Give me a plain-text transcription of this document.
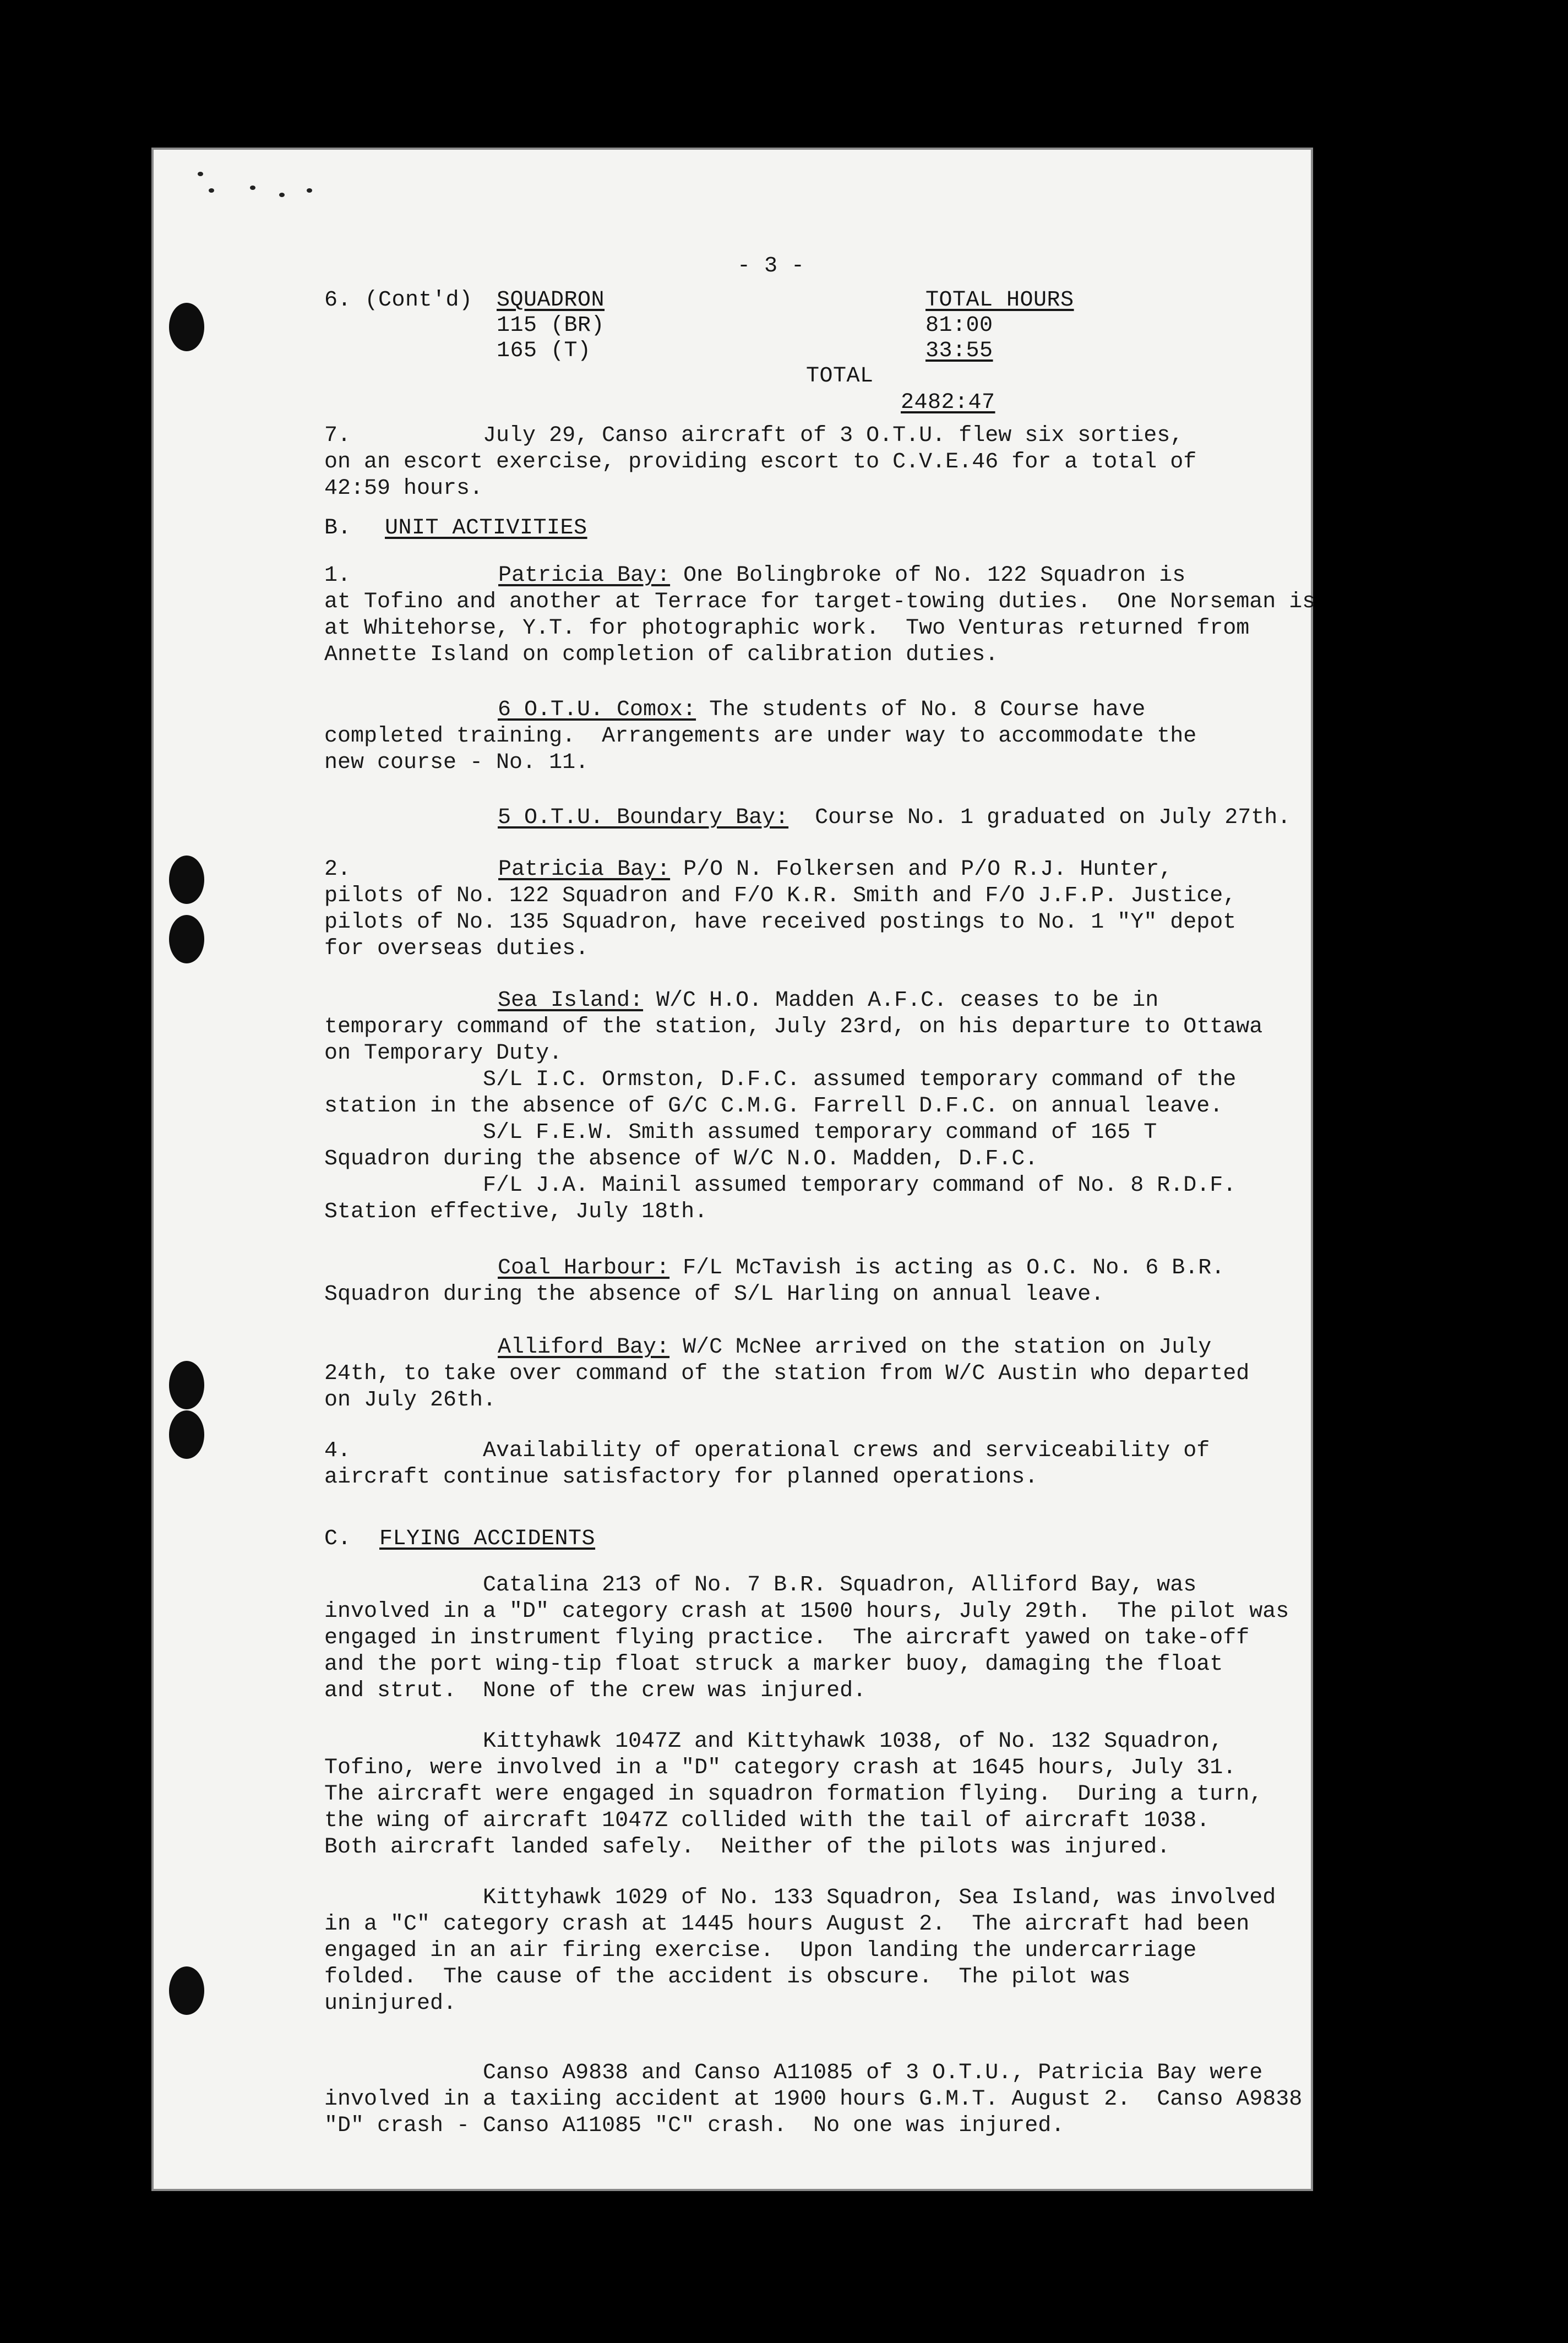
- 3 -
6. (Cont'd) SQUADRON	TOTAL HOURS
115 (BR)	81:00
165 (T)	33:55
TOTAL
2482:47
7.          July 29, Canso aircraft of 3 O.T.U. flew six sorties,
on an escort exercise, providing escort to C.V.E.46 for a total of
42:59 hours.
B. UNIT ACTIVITIES
1.	Patricia Bay: One Bolingbroke of No. 122 Squadron is
at Tofino and another at Terrace for target-towing duties.  One Norseman is
at Whitehorse, Y.T. for photographic work.  Two Venturas returned from
Annette Island on completion of calibration duties.
6 O.T.U. Comox: The students of No. 8 Course have
completed training.  Arrangements are under way to accommodate the
new course - No. 11.
5 O.T.U. Boundary Bay:  Course No. 1 graduated on July 27th.
2.	Patricia Bay: P/O N. Folkersen and P/O R.J. Hunter,
pilots of No. 122 Squadron and F/O K.R. Smith and F/O J.F.P. Justice,
pilots of No. 135 Squadron, have received postings to No. 1 "Y" depot
for overseas duties.
Sea Island: W/C H.O. Madden A.F.C. ceases to be in
temporary command of the station, July 23rd, on his departure to Ottawa
on Temporary Duty.
S/L I.C. Ormston, D.F.C. assumed temporary command of the
station in the absence of G/C C.M.G. Farrell D.F.C. on annual leave.
S/L F.E.W. Smith assumed temporary command of 165 T
Squadron during the absence of W/C N.O. Madden, D.F.C.
F/L J.A. Mainil assumed temporary command of No. 8 R.D.F.
Station effective, July 18th.
Coal Harbour: F/L McTavish is acting as O.C. No. 6 B.R.
Squadron during the absence of S/L Harling on annual leave.
Alliford Bay: W/C McNee arrived on the station on July
24th, to take over command of the station from W/C Austin who departed
on July 26th.
4.          Availability of operational crews and serviceability of
aircraft continue satisfactory for planned operations.
C. FLYING ACCIDENTS
Catalina 213 of No. 7 B.R. Squadron, Alliford Bay, was
involved in a "D" category crash at 1500 hours, July 29th.  The pilot was
engaged in instrument flying practice.  The aircraft yawed on take-off
and the port wing-tip float struck a marker buoy, damaging the float
and strut.  None of the crew was injured.
Kittyhawk 1047Z and Kittyhawk 1038, of No. 132 Squadron,
Tofino, were involved in a "D" category crash at 1645 hours, July 31.
The aircraft were engaged in squadron formation flying.  During a turn,
the wing of aircraft 1047Z collided with the tail of aircraft 1038.
Both aircraft landed safely.  Neither of the pilots was injured.
Kittyhawk 1029 of No. 133 Squadron, Sea Island, was involved
in a "C" category crash at 1445 hours August 2.  The aircraft had been
engaged in an air firing exercise.  Upon landing the undercarriage
folded.  The cause of the accident is obscure.  The pilot was
uninjured.
Canso A9838 and Canso A11085 of 3 O.T.U., Patricia Bay were
involved in a taxiing accident at 1900 hours G.M.T. August 2.  Canso A9838
"D" crash - Canso A11085 "C" crash.  No one was injured.
